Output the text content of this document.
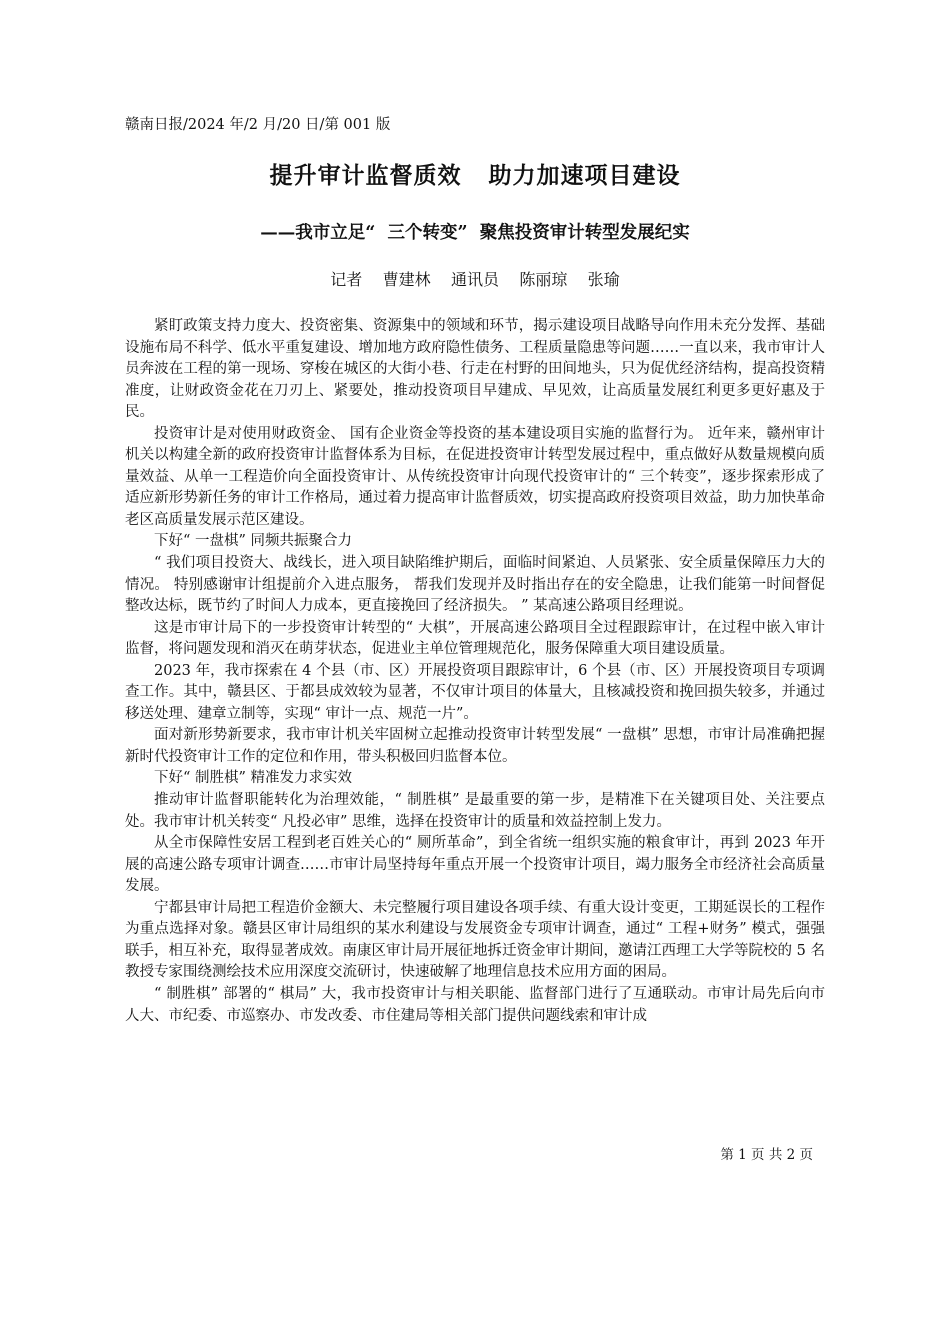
赣南日报/2024 年/2 月/20 日/第 001 版
提升审计监督质效   助力加速项目建设
——我市立足“  三个转变”  聚焦投资审计转型发展纪实
记者    曹建林    通讯员    陈丽琼    张瑜

紧盯政策支持力度大、投资密集、资源集中的领域和环节，揭示建设项目战略导向作用未充分发挥、基础设施布局不科学、低水平重复建设、增加地方政府隐性债务、工程质量隐患等问题……一直以来，我市审计人员奔波在工程的第一现场、穿梭在城区的大街小巷、行走在村野的田间地头，只为促优经济结构，提高投资精准度，让财政资金花在刀刃上、紧要处，推动投资项目早建成、早见效，让高质量发展红利更多更好惠及于民。

投资审计是对使用财政资金、 国有企业资金等投资的基本建设项目实施的监督行为。 近年来，赣州审计机关以构建全新的政府投资审计监督体系为目标，在促进投资审计转型发展过程中，重点做好从数量规模向质量效益、从单一工程造价向全面投资审计、从传统投资审计向现代投资审计的“ 三个转变”，逐步探索形成了适应新形势新任务的审计工作格局，通过着力提高审计监督质效，切实提高政府投资项目效益，助力加快革命老区高质量发展示范区建设。

下好“ 一盘棋” 同频共振聚合力

“ 我们项目投资大、战线长，进入项目缺陷维护期后，面临时间紧迫、人员紧张、安全质量保障压力大的情况。 特别感谢审计组提前介入进点服务， 帮我们发现并及时指出存在的安全隐患，让我们能第一时间督促整改达标，既节约了时间人力成本，更直接挽回了经济损失。 ” 某高速公路项目经理说。

这是市审计局下的一步投资审计转型的“ 大棋”，开展高速公路项目全过程跟踪审计，在过程中嵌入审计监督，将问题发现和消灭在萌芽状态，促进业主单位管理规范化，服务保障重大项目建设质量。

2023 年，我市探索在 4 个县（市、区）开展投资项目跟踪审计，6 个县（市、区）开展投资项目专项调查工作。其中，赣县区、于都县成效较为显著，不仅审计项目的体量大，且核减投资和挽回损失较多，并通过移送处理、建章立制等，实现“ 审计一点、规范一片”。

面对新形势新要求，我市审计机关牢固树立起推动投资审计转型发展“ 一盘棋” 思想，市审计局准确把握新时代投资审计工作的定位和作用，带头积极回归监督本位。

下好“ 制胜棋” 精准发力求实效

推动审计监督职能转化为治理效能，“ 制胜棋” 是最重要的第一步，是精准下在关键项目处、关注要点处。我市审计机关转变“ 凡投必审” 思维，选择在投资审计的质量和效益控制上发力。

从全市保障性安居工程到老百姓关心的“ 厕所革命”，到全省统一组织实施的粮食审计，再到 2023 年开展的高速公路专项审计调查……市审计局坚持每年重点开展一个投资审计项目，竭力服务全市经济社会高质量发展。

宁都县审计局把工程造价金额大、未完整履行项目建设各项手续、有重大设计变更，工期延误长的工程作为重点选择对象。赣县区审计局组织的某水利建设与发展资金专项审计调查，通过“ 工程+财务” 模式，强强联手，相互补充，取得显著成效。南康区审计局开展征地拆迁资金审计期间，邀请江西理工大学等院校的 5 名教授专家围绕测绘技术应用深度交流研讨，快速破解了地理信息技术应用方面的困局。

“ 制胜棋” 部署的“ 棋局” 大，我市投资审计与相关职能、监督部门进行了互通联动。市审计局先后向市人大、市纪委、市巡察办、市发改委、市住建局等相关部门提供问题线索和审计成

第 1 页 共 2 页
